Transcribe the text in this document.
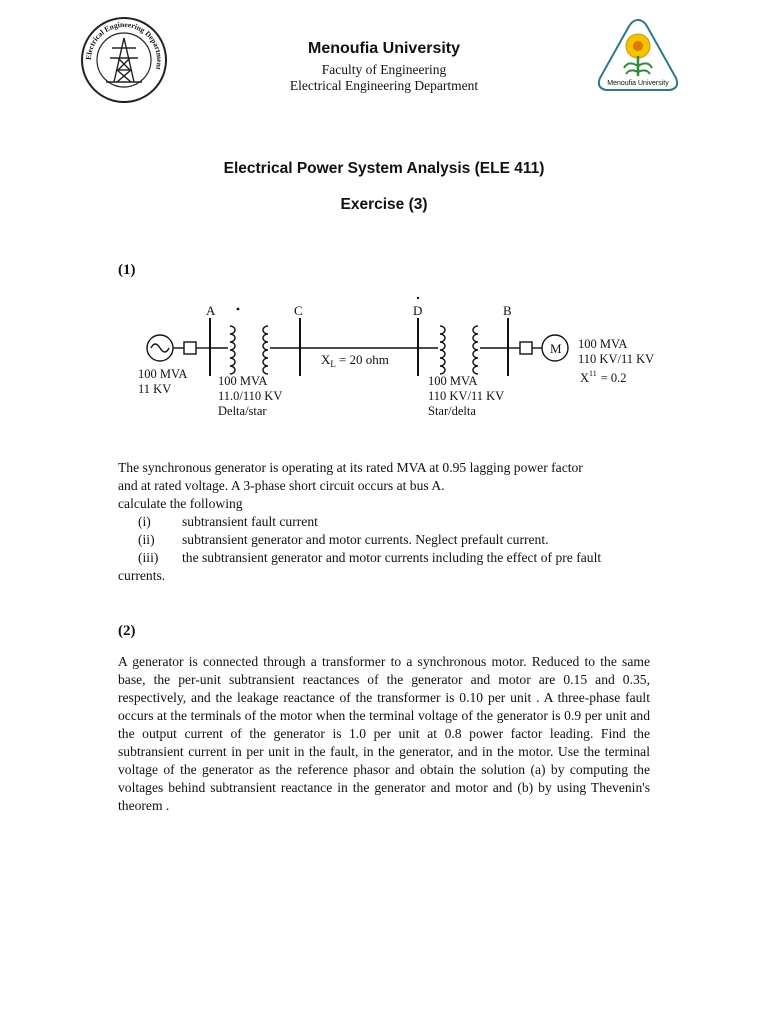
Electrical Engineering Department
Menoufia University
Menoufia University
Faculty of Engineering
Electrical Engineering Department
Electrical Power System Analysis (ELE 411)
Exercise (3)
(1)
A	C	D	B
M
100 MVA
11 KV
100 MVA
11.0/110 KV
Delta/star
$X_L = 20$ ohm
100 MVA
110 KV/11 KV
Star/delta
100 MVA
110 KV/11 KV
$X^{11} = 0.2$
The synchronous generator is operating at its rated MVA at 0.95 lagging power factor
and at rated voltage. A 3-phase short circuit occurs at bus A.
calculate the following
(i) subtransient fault current
(ii) subtransient generator and motor currents. Neglect prefault current.
(iii) the subtransient generator and motor currents including the effect of pre fault
currents.
(2)
A generator is connected through a transformer to a synchronous motor. Reduced to the same base, the per-unit subtransient reactances of the generator and motor are 0.15 and 0.35, respectively, and the leakage reactance of the transformer is 0.10 per unit . A three-phase fault occurs at the terminals of the motor when the terminal voltage of the generator is 0.9 per unit and the output current of the generator is 1.0 per unit at 0.8 power factor leading. Find the subtransient current in per unit in the fault, in the generator, and in the motor. Use the terminal voltage of the generator as the reference phasor and obtain the solution (a) by computing the voltages behind subtransient reactance in the generator and motor and (b) by using Thevenin's theorem .
